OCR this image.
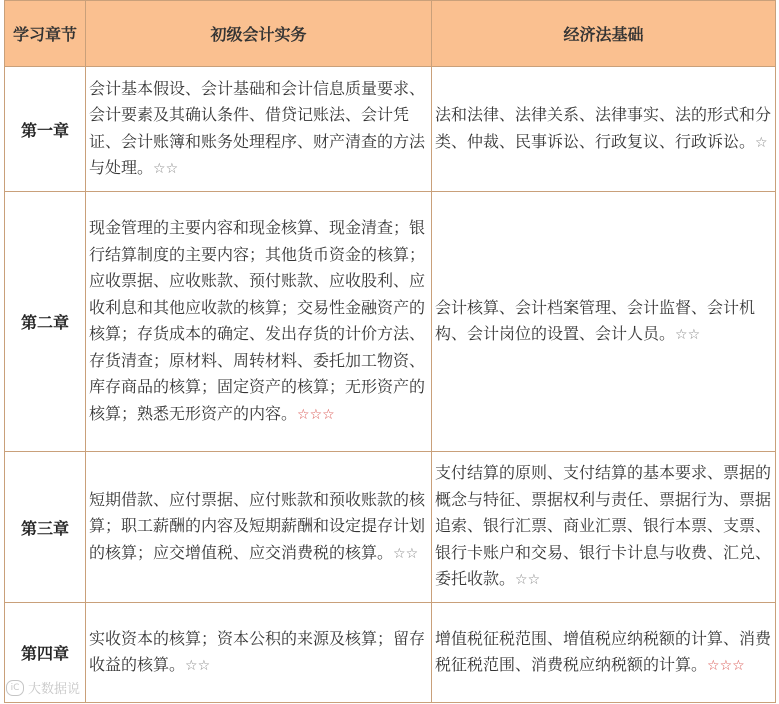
学习章节	初级会计实务	经济法基础
第一章	会计基本假设、会计基础和会计信息质量要求、会计要素及其确认条件、借贷记账法、会计凭证、会计账簿和账务处理程序、财产清查的方法与处理。☆☆	法和法律、法律关系、法律事实、法的形式和分类、仲裁、民事诉讼、行政复议、行政诉讼。☆
第二章	现金管理的主要内容和现金核算、现金清查；银行结算制度的主要内容；其他货币资金的核算；应收票据、应收账款、预付账款、应收股利、应收利息和其他应收款的核算；交易性金融资产的核算；存货成本的确定、发出存货的计价方法、存货清查；原材料、周转材料、委托加工物资、库存商品的核算；固定资产的核算；无形资产的核算；熟悉无形资产的内容。☆☆☆	会计核算、会计档案管理、会计监督、会计机构、会计岗位的设置、会计人员。☆☆
第三章	短期借款、应付票据、应付账款和预收账款的核算；职工薪酬的内容及短期薪酬和设定提存计划的核算；应交增值税、应交消费税的核算。☆☆	支付结算的原则、支付结算的基本要求、票据的概念与特征、票据权利与责任、票据行为、票据追索、银行汇票、商业汇票、银行本票、支票、银行卡账户和交易、银行卡计息与收费、汇兑、委托收款。☆☆
第四章	实收资本的核算；资本公积的来源及核算；留存收益的核算。☆☆	增值税征税范围、增值税应纳税额的计算、消费税征税范围、消费税应纳税额的计算。☆☆☆
iC 大数据说
